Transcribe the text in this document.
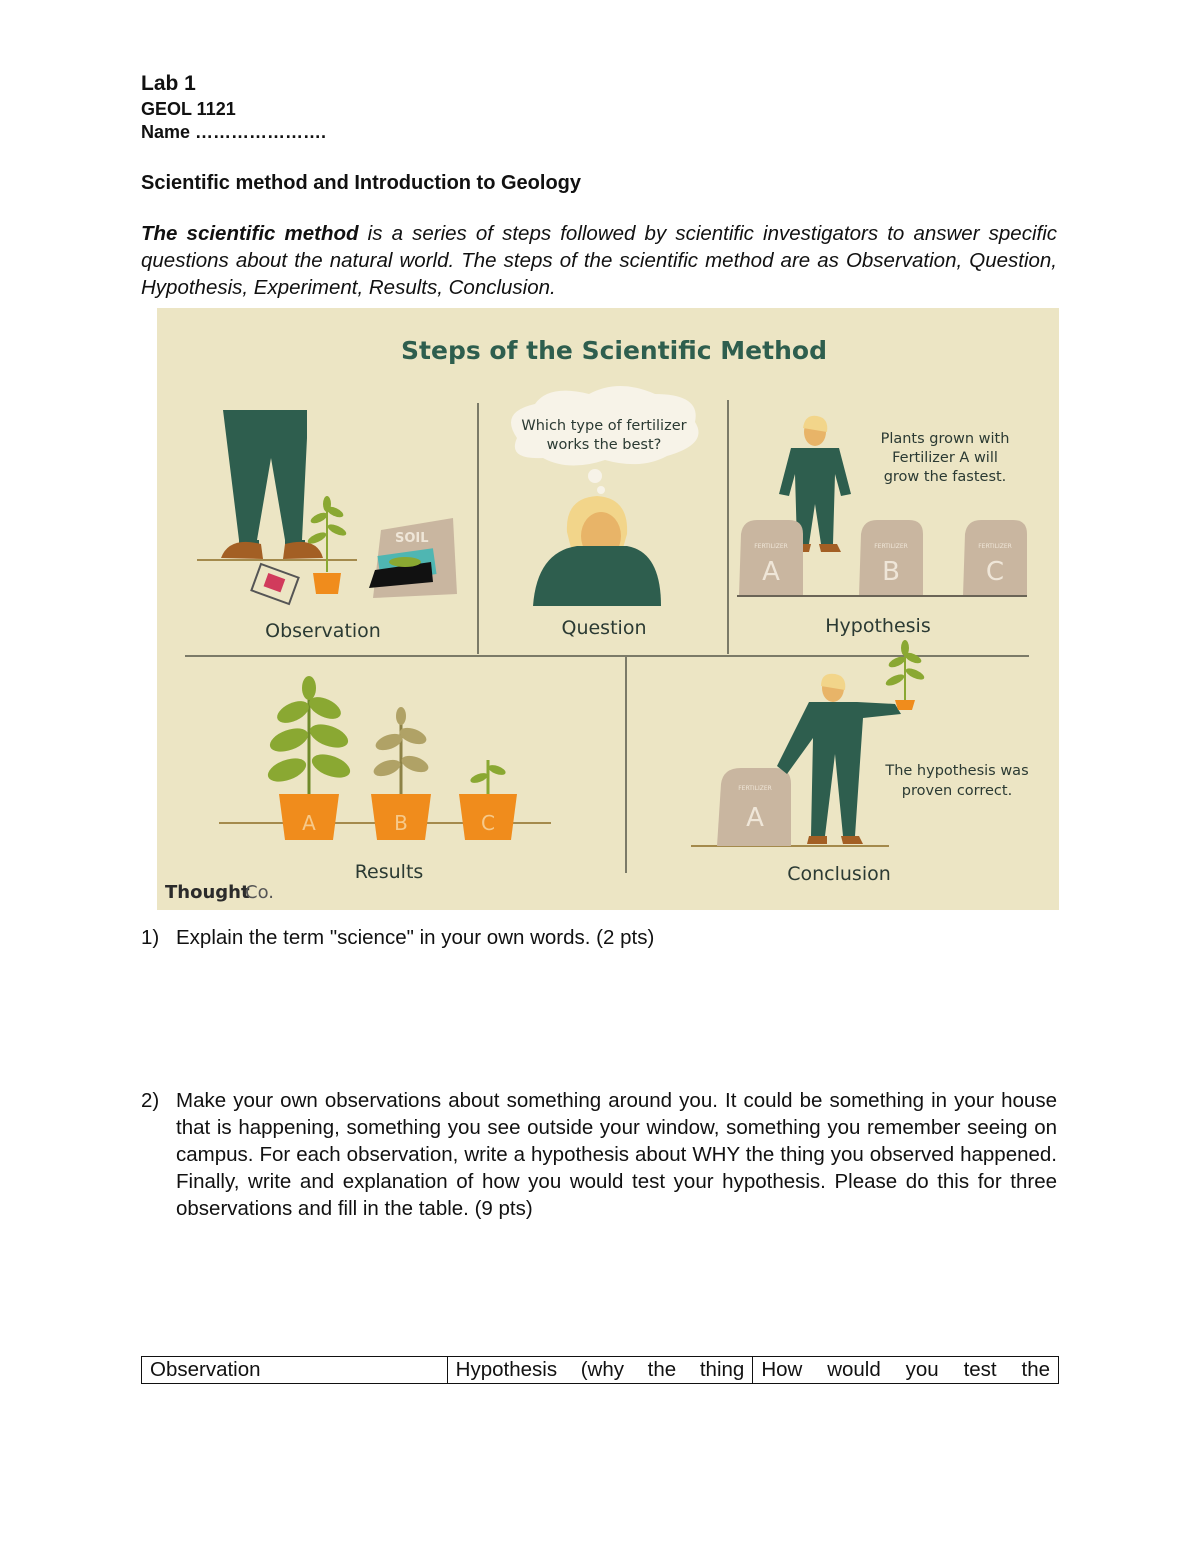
Lab 1
GEOL 1121
Name ………………….
Scientific method and Introduction to Geology
The scientific method is a series of steps followed by scientific investigators to answer specific questions about the natural world. The steps of the scientific method are as Observation, Question, Hypothesis, Experiment, Results, Conclusion.
Steps of the Scientific Method
SOIL
Observation
Which type of fertilizer
works the best?
Question
FERTILIZER	FERTILIZER	FERTILIZER
A	B	C
Plants grown with
Fertilizer A will
grow the fastest.
Hypothesis
A	B	C
Results
FERTILIZER
A
The hypothesis was
proven correct.
Conclusion
Thought
Co.
1) Explain the term "science" in your own words. (2 pts)
2) Make your own observations about something around you. It could be something in your house that is happening, something you see outside your window, something you remember seeing on campus. For each observation, write a hypothesis about WHY the thing you observed happened. Finally, write and explanation of how you would test your hypothesis. Please do this for three observations and fill in the table. (9 pts)
Observation	Hypothesis (why the thing	How would you test the
